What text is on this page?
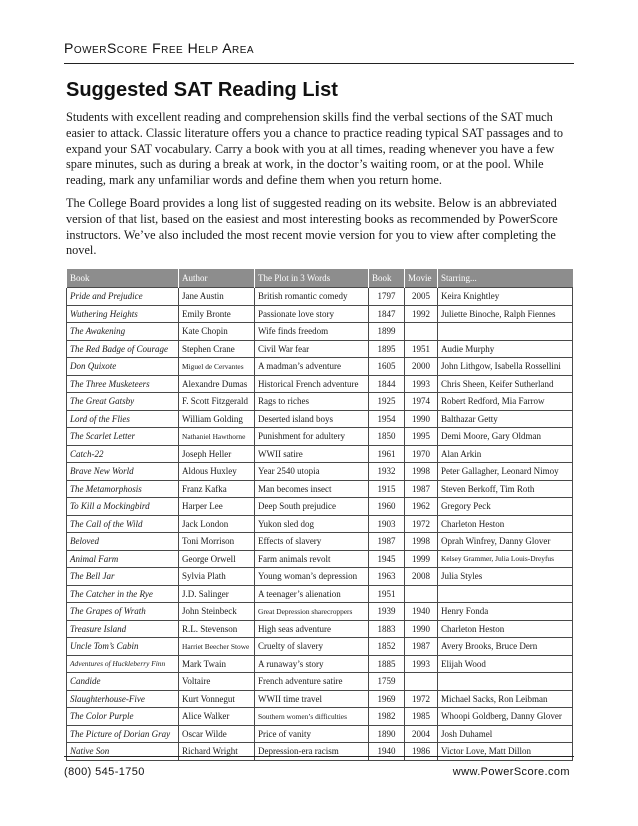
PowerScore Free Help Area
Suggested SAT Reading List

Students with excellent reading and comprehension skills find the verbal sections of the SAT much easier to attack. Classic literature offers you a chance to practice reading typical SAT passages and to expand your SAT vocabulary. Carry a book with you at all times, reading whenever you have a few spare minutes, such as during a break at work, in the doctor’s waiting room, or at the pool. While reading, mark any unfamiliar words and define them when you return home.

The College Board provides a long list of suggested reading on its website. Below is an abbreviated version of that list, based on the easiest and most interesting books as recommended by PowerScore instructors. We’ve also included the most recent movie version for you to view after completing the novel.

Book	Author	The Plot in 3 Words	Book	Movie	Starring...
Pride and Prejudice	Jane Austin	British romantic comedy	1797	2005	Keira Knightley
Wuthering Heights	Emily Bronte	Passionate love story	1847	1992	Juliette Binoche, Ralph Fiennes
The Awakening	Kate Chopin	Wife finds freedom	1899		
The Red Badge of Courage	Stephen Crane	Civil War fear	1895	1951	Audie Murphy
Don Quixote	Miguel de Cervantes	A madman’s adventure	1605	2000	John Lithgow, Isabella Rossellini
The Three Musketeers	Alexandre Dumas	Historical French adventure	1844	1993	Chris Sheen, Keifer Sutherland
The Great Gatsby	F. Scott Fitzgerald	Rags to riches	1925	1974	Robert Redford, Mia Farrow
Lord of the Flies	William Golding	Deserted island boys	1954	1990	Balthazar Getty
The Scarlet Letter	Nathaniel Hawthorne	Punishment for adultery	1850	1995	Demi Moore, Gary Oldman
Catch-22	Joseph Heller	WWII satire	1961	1970	Alan Arkin
Brave New World	Aldous Huxley	Year 2540 utopia	1932	1998	Peter Gallagher, Leonard Nimoy
The Metamorphosis	Franz Kafka	Man becomes insect	1915	1987	Steven Berkoff, Tim Roth
To Kill a Mockingbird	Harper Lee	Deep South prejudice	1960	1962	Gregory Peck
The Call of the Wild	Jack London	Yukon sled dog	1903	1972	Charleton Heston
Beloved	Toni Morrison	Effects of slavery	1987	1998	Oprah Winfrey, Danny Glover
Animal Farm	George Orwell	Farm animals revolt	1945	1999	Kelsey Grammer, Julia Louis-Dreyfus
The Bell Jar	Sylvia Plath	Young woman’s depression	1963	2008	Julia Styles
The Catcher in the Rye	J.D. Salinger	A teenager’s alienation	1951		
The Grapes of Wrath	John Steinbeck	Great Depression sharecroppers	1939	1940	Henry Fonda
Treasure Island	R.L. Stevenson	High seas adventure	1883	1990	Charleton Heston
Uncle Tom’s Cabin	Harriet Beecher Stowe	Cruelty of slavery	1852	1987	Avery Brooks, Bruce Dern
Adventures of Huckleberry Finn	Mark Twain	A runaway’s story	1885	1993	Elijah Wood
Candide	Voltaire	French adventure satire	1759		
Slaughterhouse-Five	Kurt Vonnegut	WWII time travel	1969	1972	Michael Sacks, Ron Leibman
The Color Purple	Alice Walker	Southern women’s difficulties	1982	1985	Whoopi Goldberg, Danny Glover
The Picture of Dorian Gray	Oscar Wilde	Price of vanity	1890	2004	Josh Duhamel
Native Son	Richard Wright	Depression-era racism	1940	1986	Victor Love, Matt Dillon
(800) 545-1750	www.PowerScore.com
